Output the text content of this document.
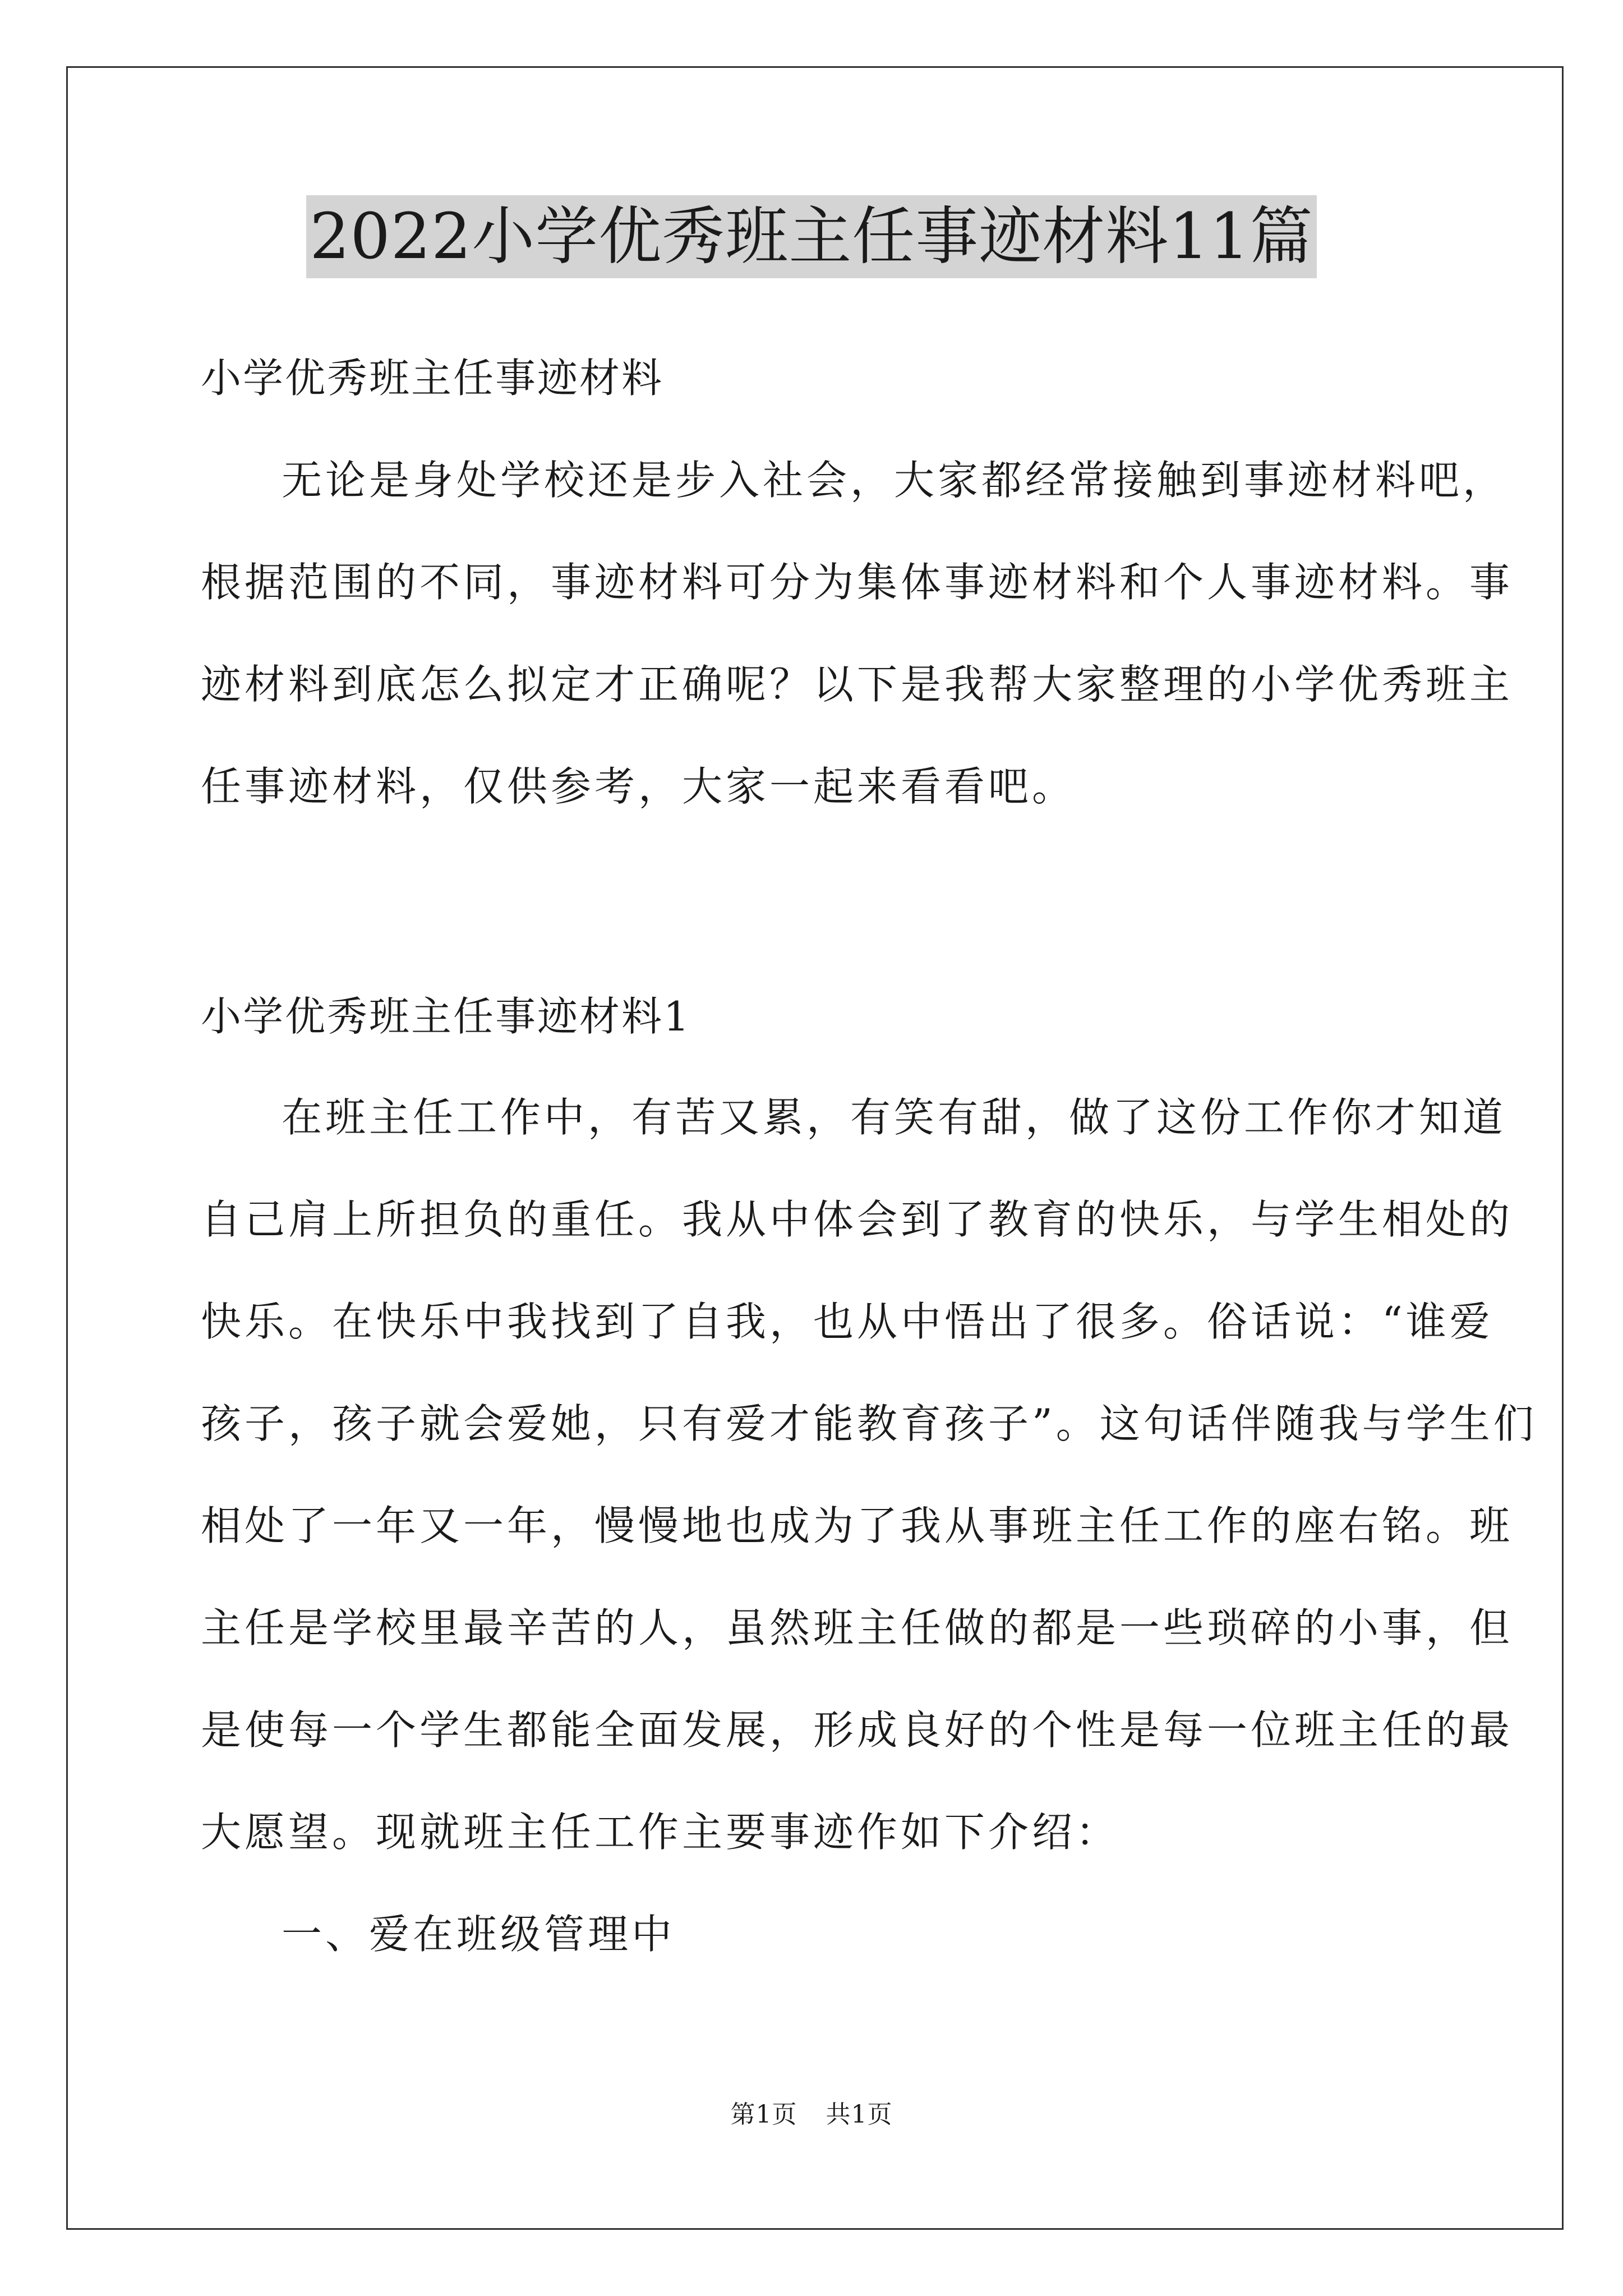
2022小学优秀班主任事迹材料11篇
小学优秀班主任事迹材料
无论是身处学校还是步入社会，大家都经常接触到事迹材料吧，
根据范围的不同，事迹材料可分为集体事迹材料和个人事迹材料。事
迹材料到底怎么拟定才正确呢？以下是我帮大家整理的小学优秀班主
任事迹材料，仅供参考，大家一起来看看吧。
小学优秀班主任事迹材料1
在班主任工作中，有苦又累，有笑有甜，做了这份工作你才知道
自己肩上所担负的重任。我从中体会到了教育的快乐，与学生相处的
快乐。在快乐中我找到了自我，也从中悟出了很多。俗话说：“谁爱
孩子，孩子就会爱她，只有爱才能教育孩子”。这句话伴随我与学生们
相处了一年又一年，慢慢地也成为了我从事班主任工作的座右铭。班
主任是学校里最辛苦的人，虽然班主任做的都是一些琐碎的小事，但
是使每一个学生都能全面发展，形成良好的个性是每一位班主任的最
大愿望。现就班主任工作主要事迹作如下介绍：
一、爱在班级管理中
第1页 共1页
